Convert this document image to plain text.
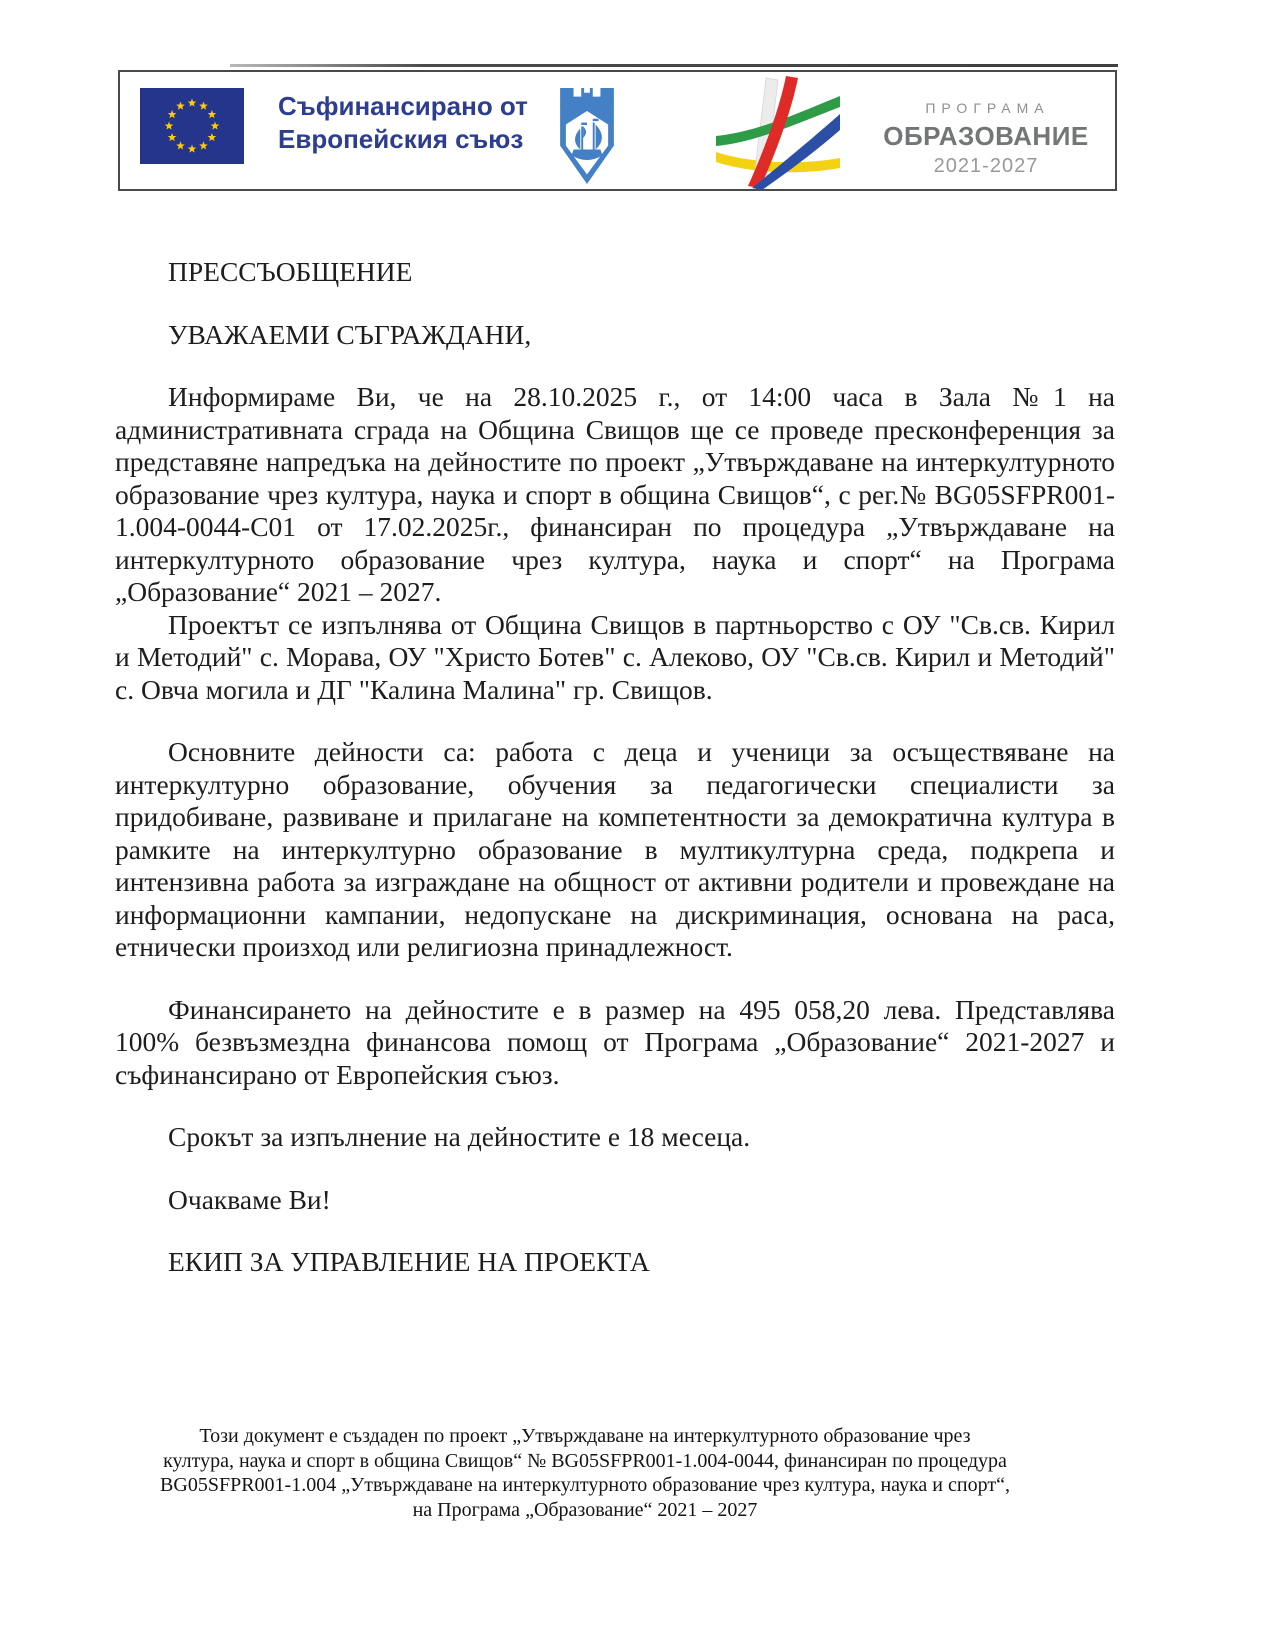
Съфинансирано от
Европейския съюз
ПРОГРАМА
ОБРАЗОВАНИЕ
2021-2027

ПРЕССЪОБЩЕНИЕ

УВАЖАЕМИ СЪГРАЖДАНИ,

Информираме Ви, че на 28.10.2025 г., от 14:00 часа в Зала №1 на административната сграда на Община Свищов ще се проведе пресконференция за представяне напредъка на дейностите по проект „Утвърждаване на интеркултурното образование чрез култура, наука и спорт в община Свищов“, с рег.№ BG05SFPR001-1.004-0044-C01 от 17.02.2025г., финансиран по процедура „Утвърждаване на интеркултурното образование чрез култура, наука и спорт“ на Програма „Образование“ 2021 – 2027.

Проектът се изпълнява от Община Свищов в партньорство с ОУ "Св.св. Кирил и Методий" с. Морава, ОУ "Христо Ботев" с. Алеково, ОУ "Св.св. Кирил и Методий" с. Овча могила и ДГ "Калина Малина" гр. Свищов.

Основните дейности са: работа с деца и ученици за осъществяване на интеркултурно образование, обучения за педагогически специалисти за придобиване, развиване и прилагане на компетентности за демократична култура в рамките на интеркултурно образование в мултикултурна среда, подкрепа и интензивна работа за изграждане на общност от активни родители и провеждане на информационни кампании, недопускане на дискриминация, основана на раса, етнически произход или религиозна принадлежност.

Финансирането на дейностите е в размер на 495 058,20 лева. Представлява 100% безвъзмездна финансова помощ от Програма „Образование“ 2021-2027 и съфинансирано от Европейския съюз.

Срокът за изпълнение на дейностите е 18 месеца.

Очакваме Ви!

ЕКИП ЗА УПРАВЛЕНИЕ НА ПРОЕКТА

Този документ е създаден по проект „Утвърждаване на интеркултурното образование чрез
култура, наука и спорт в община Свищов“ № BG05SFPR001-1.004-0044, финансиран по процедура
BG05SFPR001-1.004 „Утвърждаване на интеркултурното образование чрез култура, наука и спорт“,
на Програма „Образование“ 2021 – 2027
